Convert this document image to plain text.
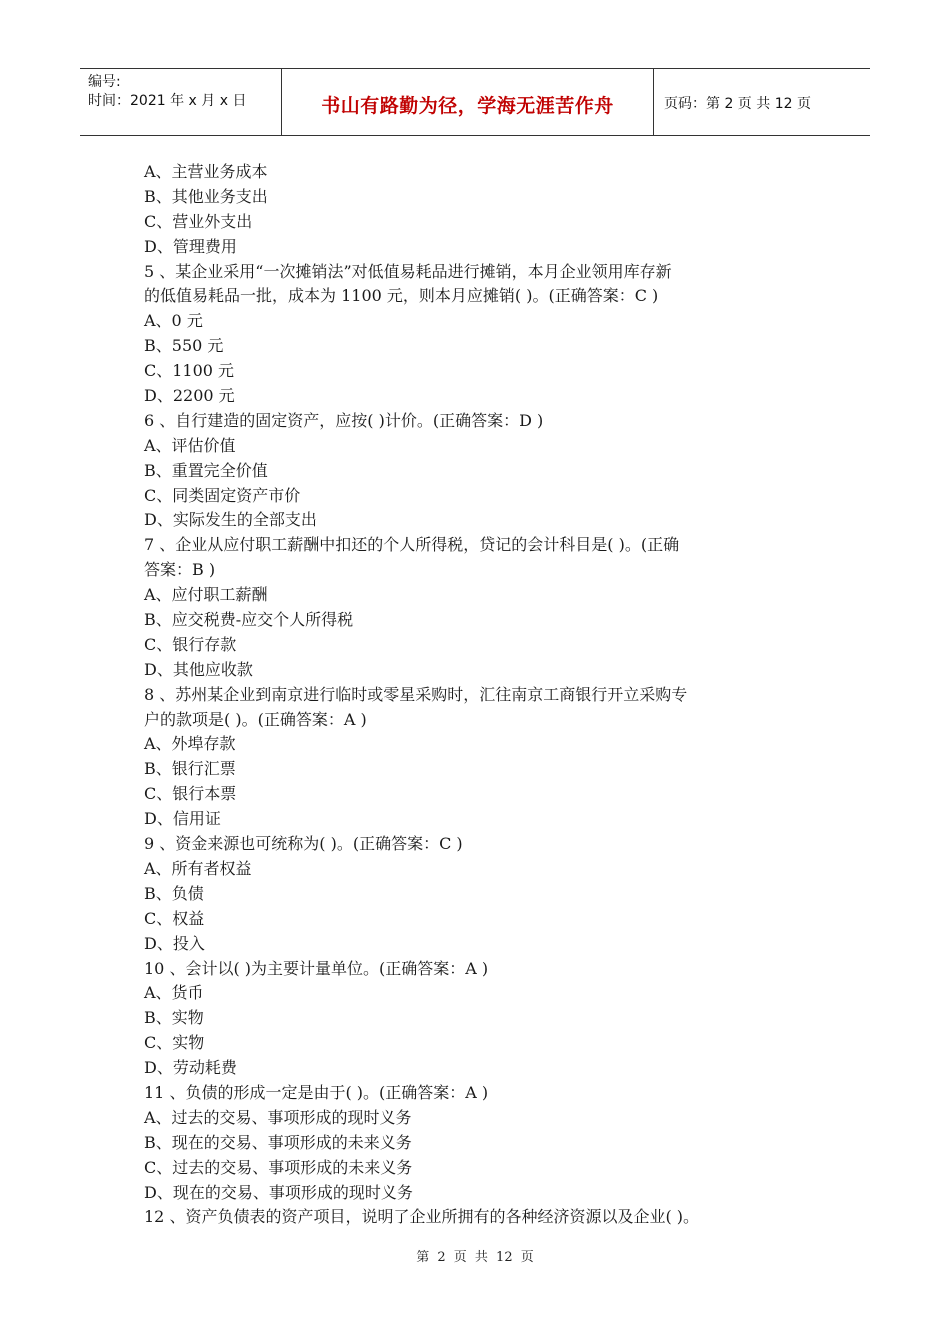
编号:
时间：2021 年 x 月 x 日	书山有路勤为径，学海无涯苦作舟	页码：第 2 页 共 12 页
A、主营业务成本
B、其他业务支出
C、营业外支出
D、管理费用
5 、某企业采用“一次摊销法”对低值易耗品进行摊销，本月企业领用库存新
的低值易耗品一批，成本为 1100 元，则本月应摊销( )。(正确答案：C )
A、0 元
B、550 元
C、1100 元
D、2200 元
6 、自行建造的固定资产，应按( )计价。(正确答案：D )
A、评估价值
B、重置完全价值
C、同类固定资产市价
D、实际发生的全部支出
7 、企业从应付职工薪酬中扣还的个人所得税，贷记的会计科目是( )。(正确
答案：B )
A、应付职工薪酬
B、应交税费-应交个人所得税
C、银行存款
D、其他应收款
8 、苏州某企业到南京进行临时或零星采购时，汇往南京工商银行开立采购专
户的款项是( )。(正确答案：A )
A、外埠存款
B、银行汇票
C、银行本票
D、信用证
9 、资金来源也可统称为( )。(正确答案：C )
A、所有者权益
B、负债
C、权益
D、投入
10 、会计以( )为主要计量单位。(正确答案：A )
A、货币
B、实物
C、实物
D、劳动耗费
11 、负债的形成一定是由于( )。(正确答案：A )
A、过去的交易、事项形成的现时义务
B、现在的交易、事项形成的未来义务
C、过去的交易、事项形成的未来义务
D、现在的交易、事项形成的现时义务
12 、资产负债表的资产项目，说明了企业所拥有的各种经济资源以及企业( )。
第 2 页 共 12 页
